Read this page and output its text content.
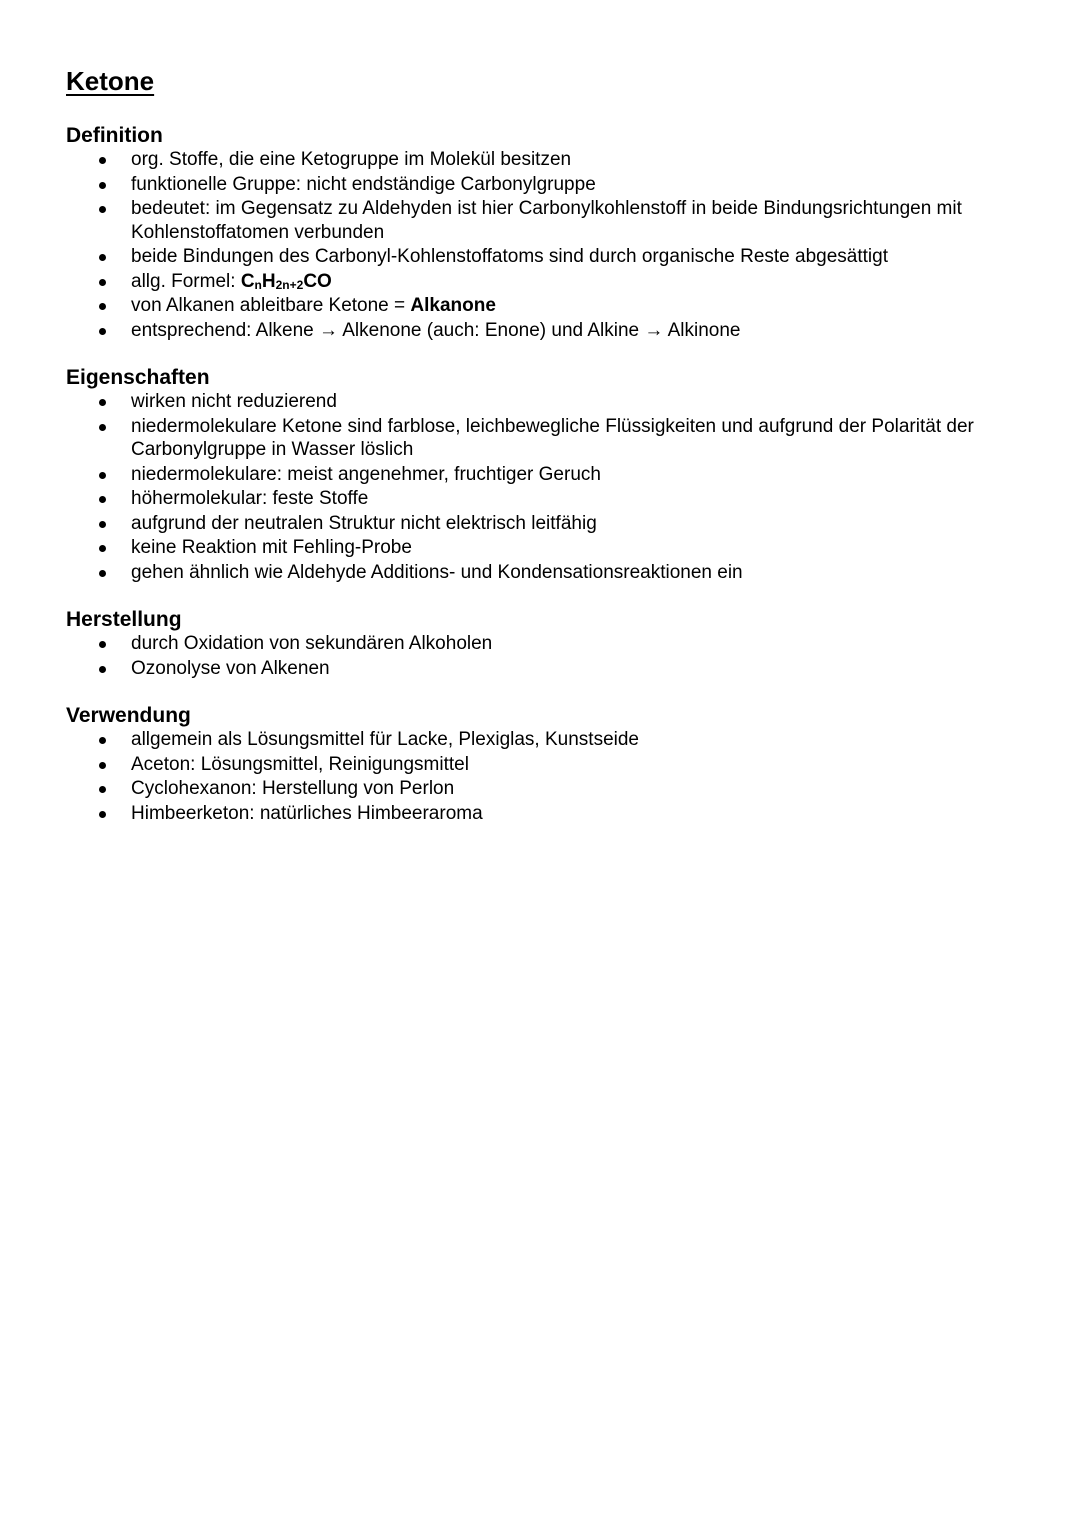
Ketone
Definition
org. Stoffe, die eine Ketogruppe im Molekül besitzen
funktionelle Gruppe: nicht endständige Carbonylgruppe
bedeutet: im Gegensatz zu Aldehyden ist hier Carbonylkohlenstoff in beide Bindungsrichtungen mit Kohlenstoffatomen verbunden
beide Bindungen des Carbonyl-Kohlenstoffatoms sind durch organische Reste abgesättigt
allg. Formel: $C_nH_{2n+2}CO$
von Alkanen ableitbare Ketone = Alkanone
entsprechend: Alkene → Alkenone (auch: Enone) und Alkine → Alkinone
Eigenschaften
wirken nicht reduzierend
niedermolekulare Ketone sind farblose, leichbewegliche Flüssigkeiten und aufgrund der Polarität der Carbonylgruppe in Wasser löslich
niedermolekulare: meist angenehmer, fruchtiger Geruch
höhermolekular: feste Stoffe
aufgrund der neutralen Struktur nicht elektrisch leitfähig
keine Reaktion mit Fehling-Probe
gehen ähnlich wie Aldehyde Additions- und Kondensationsreaktionen ein
Herstellung
durch Oxidation von sekundären Alkoholen
Ozonolyse von Alkenen
Verwendung
allgemein als Lösungsmittel für Lacke, Plexiglas, Kunstseide
Aceton: Lösungsmittel, Reinigungsmittel
Cyclohexanon: Herstellung von Perlon
Himbeerketon: natürliches Himbeeraroma
